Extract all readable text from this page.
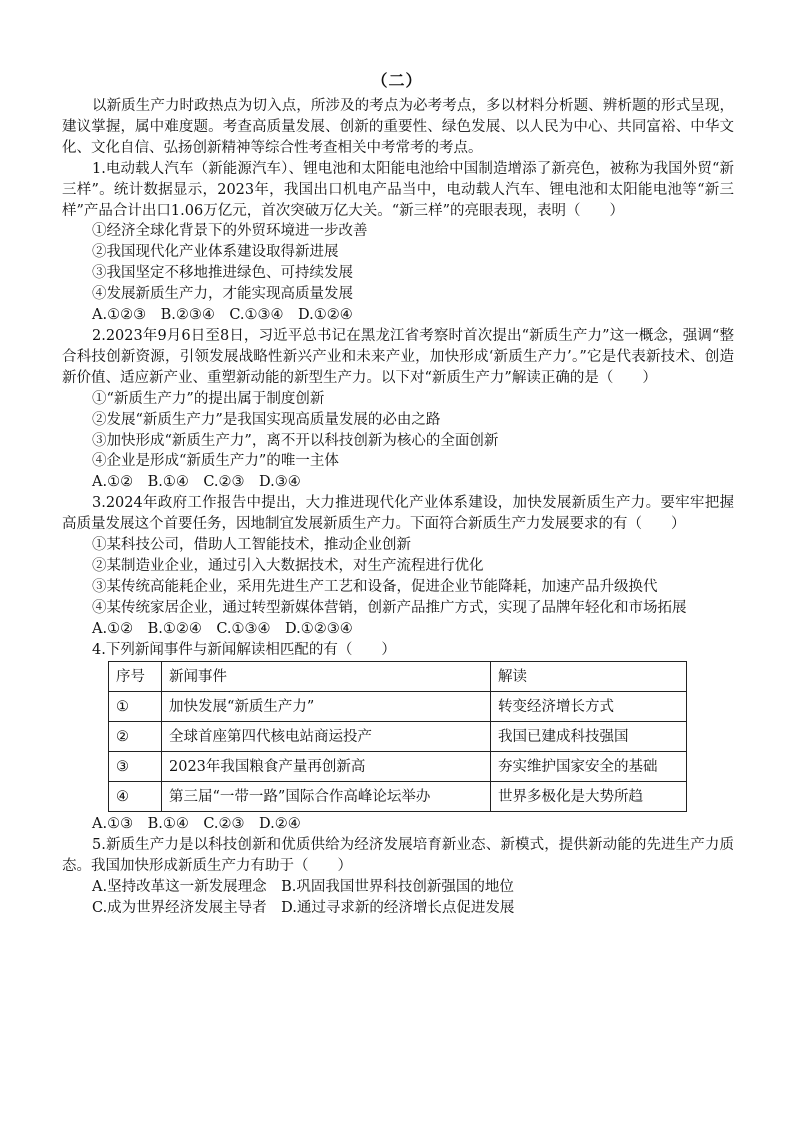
（二）

以新质生产力时政热点为切入点，所涉及的考点为必考考点，多以材料分析题、辨析题的形式呈现，建议掌握，属中难度题。考查高质量发展、创新的重要性、绿色发展、以人民为中心、共同富裕、中华文化、文化自信、弘扬创新精神等综合性考查相关中考常考的考点。

1.电动载人汽车（新能源汽车）、锂电池和太阳能电池给中国制造增添了新亮色，被称为我国外贸“新三样”。统计数据显示，2023年，我国出口机电产品当中，电动载人汽车、锂电池和太阳能电池等“新三样”产品合计出口1.06万亿元，首次突破万亿大关。“新三样”的亮眼表现，表明（　　）

①经济全球化背景下的外贸环境进一步改善

②我国现代化产业体系建设取得新进展

③我国坚定不移地推进绿色、可持续发展

④发展新质生产力，才能实现高质量发展

A.①②③　B.②③④　C.①③④　D.①②④

2.2023年9月6日至8日，习近平总书记在黑龙江省考察时首次提出“新质生产力”这一概念，强调“整合科技创新资源，引领发展战略性新兴产业和未来产业，加快形成‘新质生产力’。”它是代表新技术、创造新价值、适应新产业、重塑新动能的新型生产力。以下对“新质生产力”解读正确的是（　　）

①“新质生产力”的提出属于制度创新

②发展“新质生产力”是我国实现高质量发展的必由之路

③加快形成“新质生产力”，离不开以科技创新为核心的全面创新

④企业是形成“新质生产力”的唯一主体

A.①②　B.①④　C.②③　D.③④

3.2024年政府工作报告中提出，大力推进现代化产业体系建设，加快发展新质生产力。要牢牢把握高质量发展这个首要任务，因地制宜发展新质生产力。下面符合新质生产力发展要求的有（　　）

①某科技公司，借助人工智能技术，推动企业创新

②某制造业企业，通过引入大数据技术，对生产流程进行优化

③某传统高能耗企业，采用先进生产工艺和设备，促进企业节能降耗，加速产品升级换代

④某传统家居企业，通过转型新媒体营销，创新产品推广方式，实现了品牌年轻化和市场拓展

A.①②　B.①②④　C.①③④　D.①②③④

4.下列新闻事件与新闻解读相匹配的有（　　）

序号	新闻事件	解读
①	加快发展“新质生产力”	转变经济增长方式
②	全球首座第四代核电站商运投产	我国已建成科技强国
③	2023年我国粮食产量再创新高	夯实维护国家安全的基础
④	第三届“一带一路”国际合作高峰论坛举办	世界多极化是大势所趋

A.①③　B.①④　C.②③　D.②④

5.新质生产力是以科技创新和优质供给为经济发展培育新业态、新模式，提供新动能的先进生产力质态。我国加快形成新质生产力有助于（　　）

A.坚持改革这一新发展理念　B.巩固我国世界科技创新强国的地位

C.成为世界经济发展主导者　D.通过寻求新的经济增长点促进发展
